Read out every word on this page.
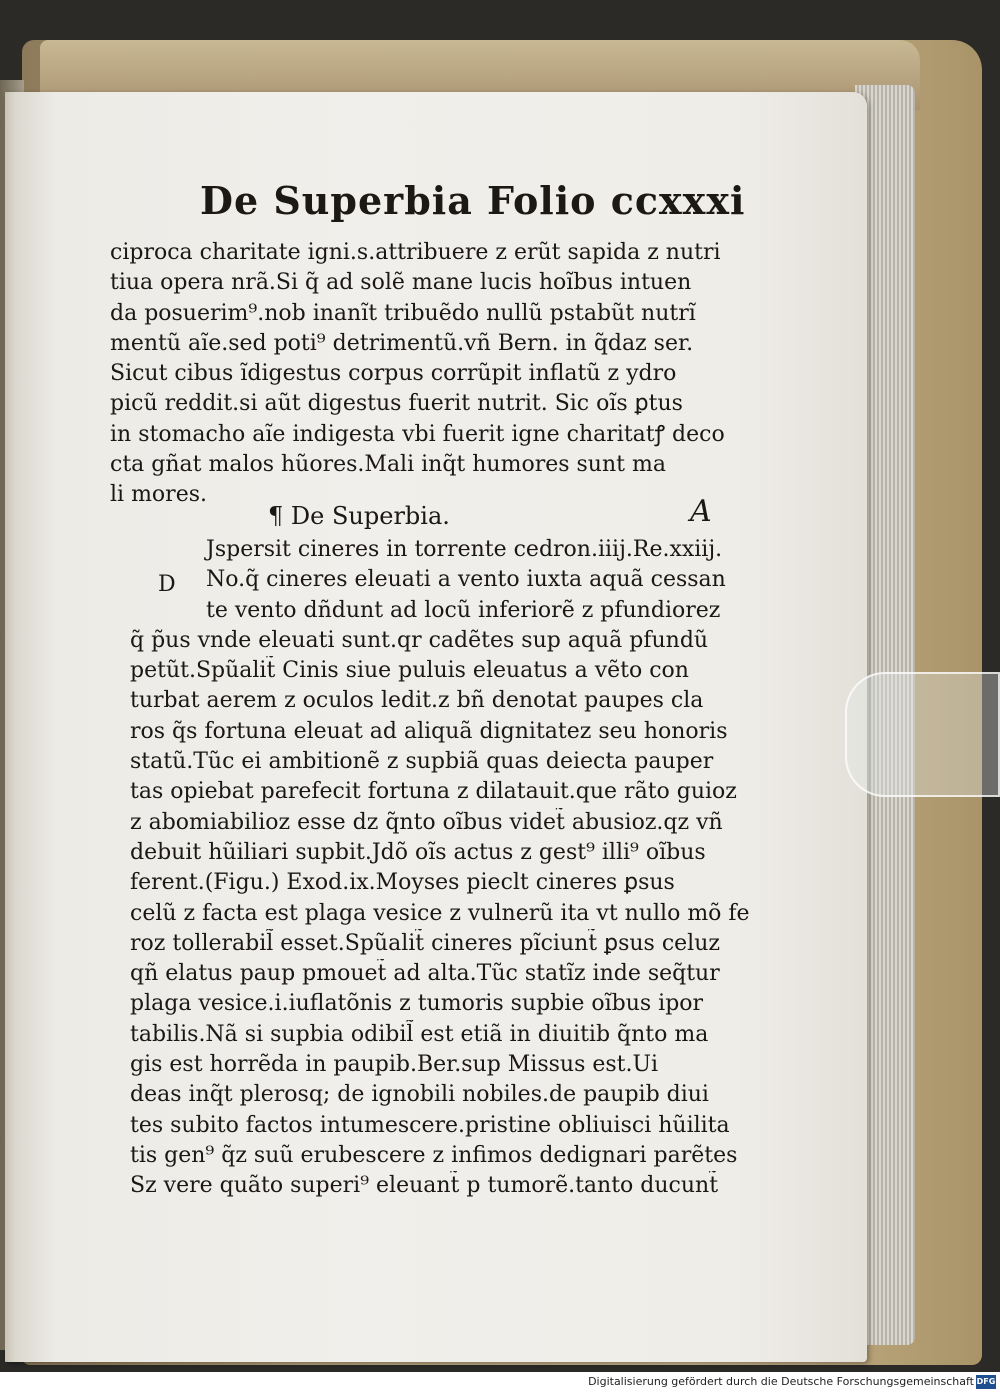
De Superbia Folio ccxxxi
ciproca charitate igni.s.attribuere z erũt sapida z nutri
tiua opera nrã.Si q̃ ad solẽ mane lucis hoĩbus intuen
da posuerim⁹.nob inanĩt tribuẽdo nullũ pstabũt nutrĩ
mentũ aĩe.sed poti⁹ detrimentũ.vñ Bern. in q̃daz ser.
Sicut cibus ĩdigestus corpus corrũpit inflatũ z ydro
picũ reddit.si aũt digestus fuerit nutrit. Sic oĩs ꝑtus
in stomacho aĩe indigesta vbi fuerit igne charitatꝭ deco
cta gñat malos hũores.Mali inq̃t humores sunt ma
li mores.
¶ De Superbia.	A
D
Jspersit cineres in torrente cedron.iiij.Re.xxiij.
No.q̃ cineres eleuati a vento iuxta aquã cessan
te vento dñdunt ad locũ inferiorẽ z pfundiorez
q̃ p̃us vnde eleuati sunt.qr cadẽtes sup aquã pfundũ
petũt.Spũalit̃ Cinis siue puluis eleuatus a vẽto con
turbat aerem z oculos ledit.z bñ denotat paupes cla
ros q̃s fortuna eleuat ad aliquã dignitatez seu honoris
statũ.Tũc ei ambitionẽ z supbiã quas deiecta pauper
tas opiebat parefecit fortuna z dilatauit.que rãto guioz
z abomiabilioz esse dz q̃nto oĩbus videt̃ abusioz.qz vñ
debuit hũiliari supbit.Jdõ oĩs actus z gest⁹ illi⁹ oĩbus
ferent.(Figu.) Exod.ix.Moyses pieclt cineres ꝑsus
celũ z facta est plaga vesice z vulnerũ ita vt nullo mõ fe
roz tollerabil̃ esset.Spũalit̃ cineres pĩciunt̃ ꝑsus celuz
qñ elatus paup pmouet̃ ad alta.Tũc statĩz inde seq̃tur
plaga vesice.i.iuflatõnis z tumoris supbie oĩbus ipor
tabilis.Nã si supbia odibil̃ est etiã in diuitib q̃nto ma
gis est horrẽda in paupib.Ber.sup Missus est.Ui
deas inq̃t plerosq; de ignobili nobiles.de paupib diui
tes subito factos intumescere.pristine obliuisci hũilita
tis gen⁹ q̃z suũ erubescere z infimos dedignari parẽtes
Sz vere quãto superi⁹ eleuant̃ p tumorẽ.tanto ducunt̃
Digitalisierung gefördert durch die Deutsche Forschungsgemeinschaft DFG
